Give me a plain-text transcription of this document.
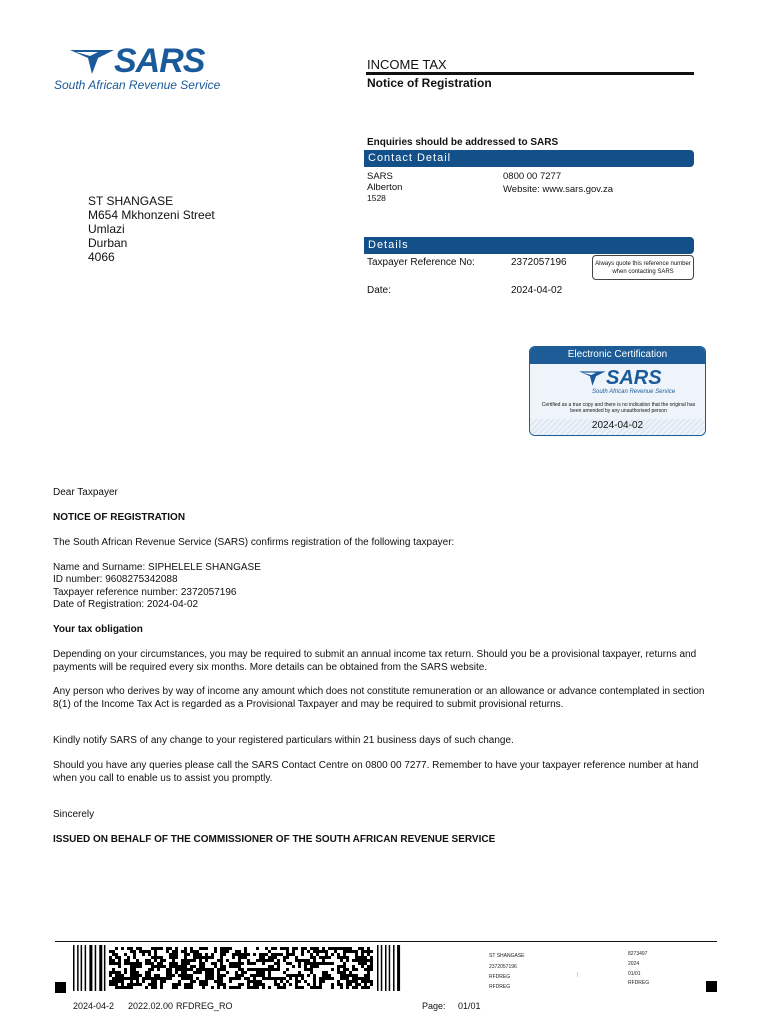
SARS
South African Revenue Service
INCOME TAX
Notice of Registration
Enquiries should be addressed to SARS
Contact Detail
SARS
Alberton
1528
0800 00 7277
Website: www.sars.gov.za
ST SHANGASE
M654 Mkhonzeni Street
Umlazi
Durban
4066
Details
Taxpayer Reference No:	2372057196	Always quote this reference number when contacting SARS
Date:	2024-04-02
Electronic Certification
SARS
South African Revenue Service
Certified as a true copy and there is no indication that the original has been amended by any unauthorised person
2024-04-02
Dear Taxpayer
NOTICE OF REGISTRATION
The South African Revenue Service (SARS) confirms registration of the following taxpayer:
Name and Surname: SIPHELELE SHANGASE
ID number: 9608275342088
Taxpayer reference number: 2372057196
Date of Registration: 2024-04-02
Your tax obligation
Depending on your circumstances, you may be required to submit an annual income tax return. Should you be a provisional taxpayer, returns and payments will be required every six months. More details can be obtained from the SARS website.
Any person who derives by way of income any amount which does not constitute remuneration or an allowance or advance contemplated in section 8(1) of the Income Tax Act is regarded as a Provisional Taxpayer and may be required to submit provisional returns.
Kindly notify SARS of any change to your registered particulars within 21 business days of such change.
Should you have any queries please call the SARS Contact Centre on 0800 00 7277. Remember to have your taxpayer reference number at hand when you call to enable us to assist you promptly.
Sincerely
ISSUED ON BEHALF OF THE COMMISSIONER OF THE SOUTH AFRICAN REVENUE SERVICE
ST SHANGASE
2372057196
RFDREG
RFDREG
|
8273497
2024
01/01
RFDREG
2024-04-2 2022.02.00 RFDREG_RO	Page: 01/01
